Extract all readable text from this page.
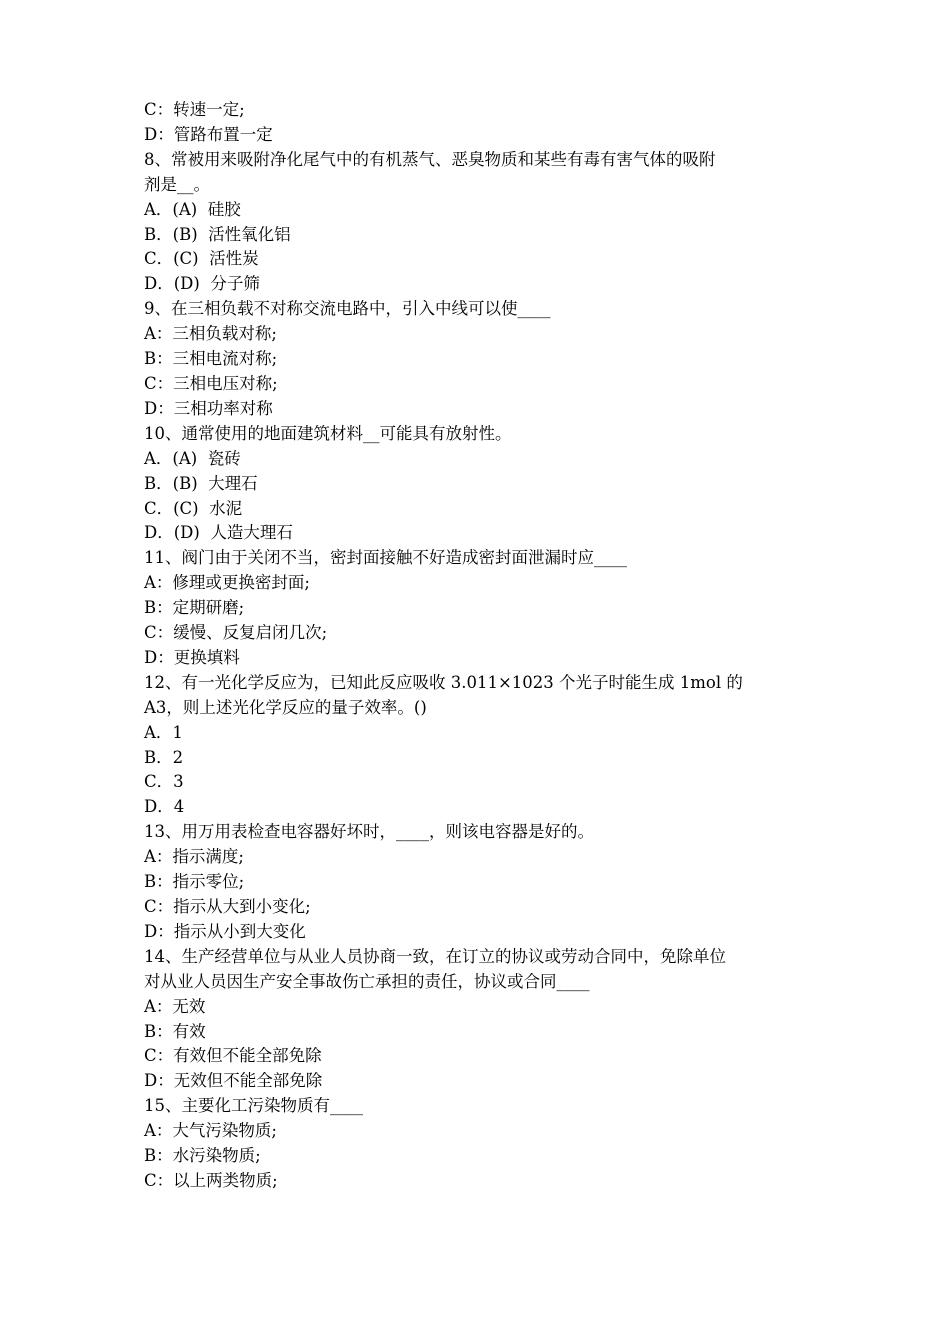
C：转速一定;

D：管路布置一定

8、常被用来吸附净化尾气中的有机蒸气、恶臭物质和某些有毒有害气体的吸附

剂是__。

A．(A)  硅胶

B．(B)  活性氧化铝

C．(C)  活性炭

D．(D)  分子筛

9、在三相负载不对称交流电路中，引入中线可以使____

A：三相负载对称;

B：三相电流对称;

C：三相电压对称;

D：三相功率对称

10、通常使用的地面建筑材料__可能具有放射性。

A．(A)  瓷砖

B．(B)  大理石

C．(C)  水泥

D．(D)  人造大理石

11、阀门由于关闭不当，密封面接触不好造成密封面泄漏时应____

A：修理或更换密封面;

B：定期研磨;

C：缓慢、反复启闭几次;

D：更换填料

12、有一光化学反应为，已知此反应吸收 3.011×1023 个光子时能生成 1mol 的

A3，则上述光化学反应的量子效率。()

A．1

B．2

C．3

D．4

13、用万用表检查电容器好坏时，____，则该电容器是好的。

A：指示满度;

B：指示零位;

C：指示从大到小变化;

D：指示从小到大变化

14、生产经营单位与从业人员协商一致，在订立的协议或劳动合同中，免除单位

对从业人员因生产安全事故伤亡承担的责任，协议或合同____

A：无效

B：有效

C：有效但不能全部免除

D：无效但不能全部免除

15、主要化工污染物质有____

A：大气污染物质;

B：水污染物质;

C：以上两类物质;
